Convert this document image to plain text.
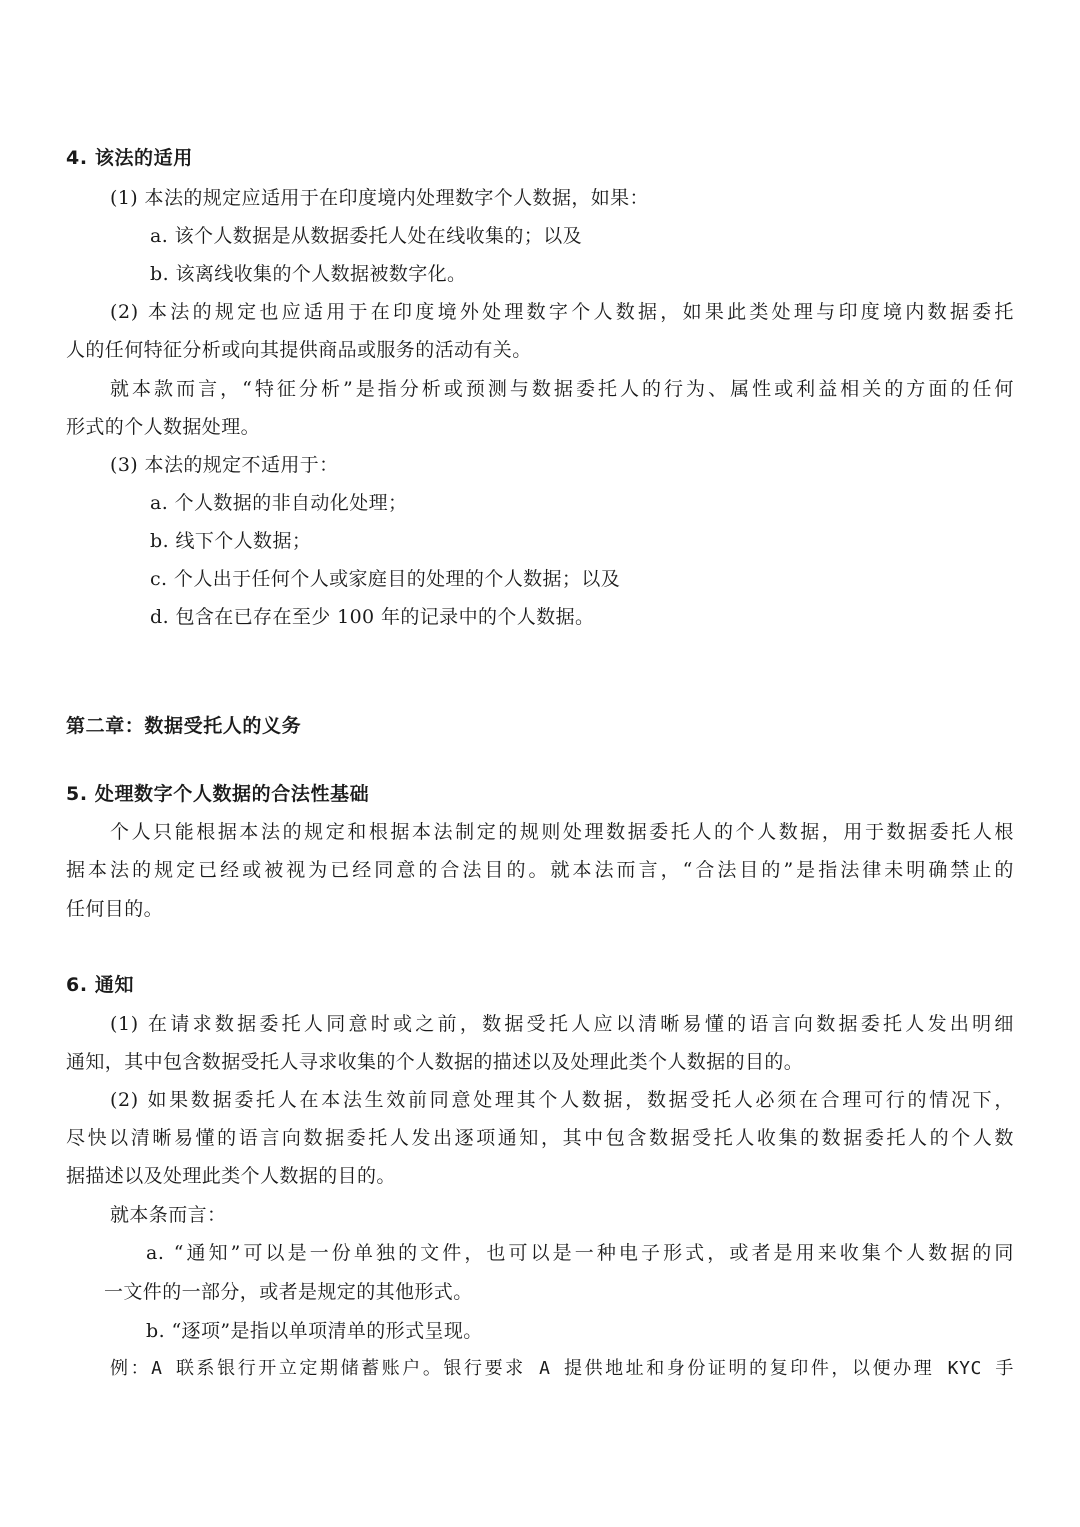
4. 该法的适用
(1) 本法的规定应适用于在印度境内处理数字个人数据，如果：
a. 该个人数据是从数据委托人处在线收集的；以及
b. 该离线收集的个人数据被数字化。
(2) 本法的规定也应适用于在印度境外处理数字个人数据，如果此类处理与印度境内数据委托
人的任何特征分析或向其提供商品或服务的活动有关。
就本款而言，“特征分析”是指分析或预测与数据委托人的行为、属性或利益相关的方面的任何
形式的个人数据处理。
(3) 本法的规定不适用于：
a. 个人数据的非自动化处理；
b. 线下个人数据；
c. 个人出于任何个人或家庭目的处理的个人数据；以及
d. 包含在已存在至少 100 年的记录中的个人数据。
第二章：数据受托人的义务
5. 处理数字个人数据的合法性基础
个人只能根据本法的规定和根据本法制定的规则处理数据委托人的个人数据，用于数据委托人根
据本法的规定已经或被视为已经同意的合法目的。就本法而言，“合法目的”是指法律未明确禁止的
任何目的。
6. 通知
(1) 在请求数据委托人同意时或之前，数据受托人应以清晰易懂的语言向数据委托人发出明细
通知，其中包含数据受托人寻求收集的个人数据的描述以及处理此类个人数据的目的。
(2) 如果数据委托人在本法生效前同意处理其个人数据，数据受托人必须在合理可行的情况下，
尽快以清晰易懂的语言向数据委托人发出逐项通知，其中包含数据受托人收集的数据委托人的个人数
据描述以及处理此类个人数据的目的。
就本条而言：
a. “通知”可以是一份单独的文件，也可以是一种电子形式，或者是用来收集个人数据的同
一文件的一部分，或者是规定的其他形式。
b. “逐项”是指以单项清单的形式呈现。
例：A 联系银行开立定期储蓄账户。银行要求 A 提供地址和身份证明的复印件，以便办理 KYC 手
